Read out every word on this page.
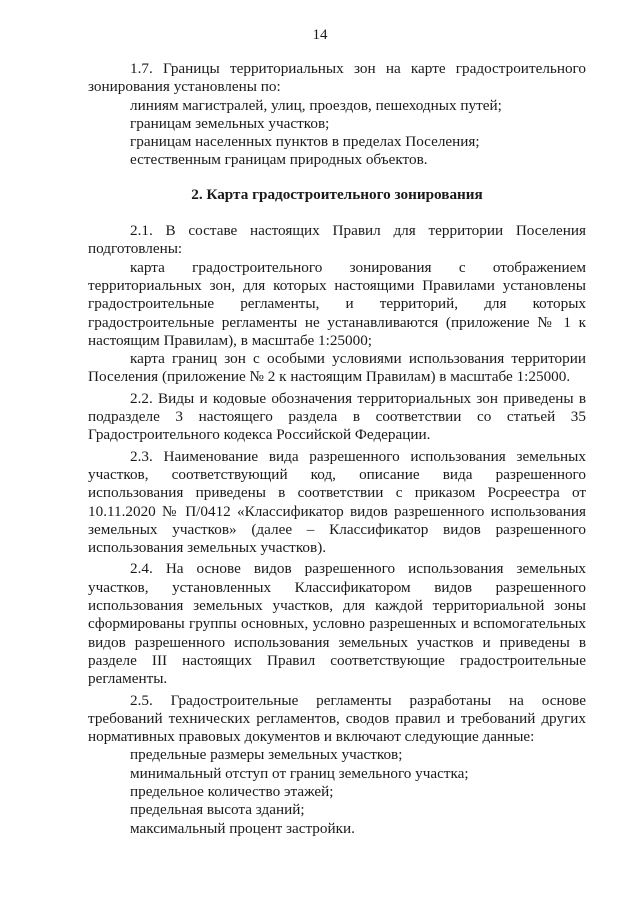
14

1.7. Границы территориальных зон на карте градостроительного зонирования установлены по:

линиям магистралей, улиц, проездов, пешеходных путей;

границам земельных участков;

границам населенных пунктов в пределах Поселения;

естественным границам природных объектов.

2. Карта градостроительного зонирования

2.1. В составе настоящих Правил для территории Поселения подготовлены:

карта градостроительного зонирования с отображением территориальных зон, для которых настоящими Правилами установлены градостроительные регламенты, и территорий, для которых градостроительные регламенты не устанавливаются (приложение № 1 к настоящим Правилам), в масштабе 1:25000;

карта границ зон с особыми условиями использования территории Поселения (приложение № 2 к настоящим Правилам) в масштабе 1:25000.

2.2. Виды и кодовые обозначения территориальных зон приведены в подразделе 3 настоящего раздела в соответствии со статьей 35 Градостроительного кодекса Российской Федерации.

2.3. Наименование вида разрешенного использования земельных участков, соответствующий код, описание вида разрешенного использования приведены в соответствии с приказом Росреестра от 10.11.2020 № П/0412 «Классификатор видов разрешенного использования земельных участков» (далее – Классификатор видов разрешенного использования земельных участков).

2.4. На основе видов разрешенного использования земельных участков, установленных Классификатором видов разрешенного использования земельных участков, для каждой территориальной зоны сформированы группы основных, условно разрешенных и вспомогательных видов разрешенного использования земельных участков и приведены в разделе III настоящих Правил соответствующие градостроительные регламенты.

2.5. Градостроительные регламенты разработаны на основе требований технических регламентов, сводов правил и требований других нормативных правовых документов и включают следующие данные:

предельные размеры земельных участков;

минимальный отступ от границ земельного участка;

предельное количество этажей;

предельная высота зданий;

максимальный процент застройки.
